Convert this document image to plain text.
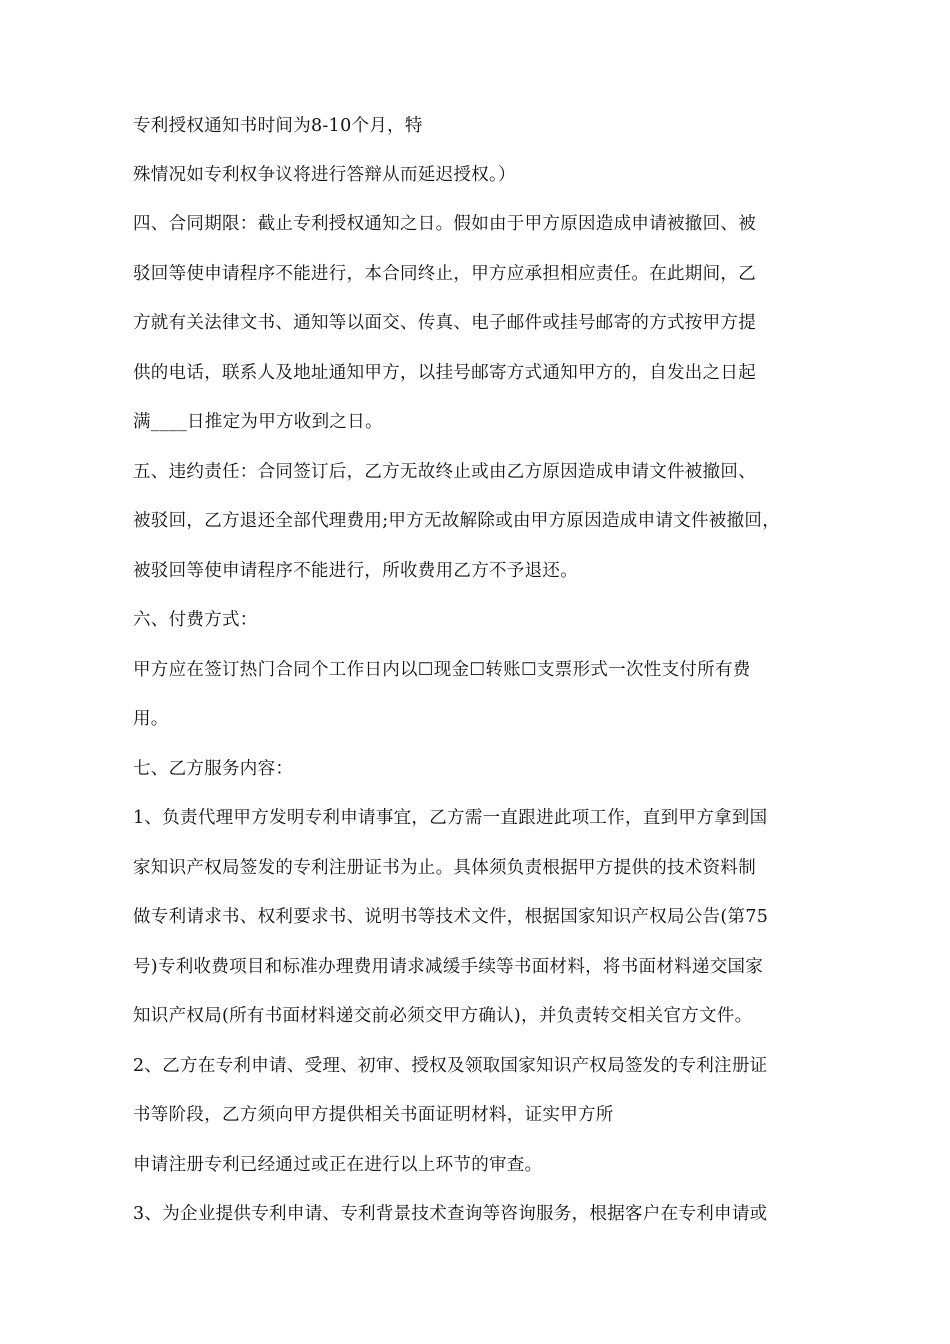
专利授权通知书时间为8-10个月，特
殊情况如专利权争议将进行答辩从而延迟授权。）
四、合同期限：截止专利授权通知之日。假如由于甲方原因造成申请被撤回、被
驳回等使申请程序不能进行，本合同终止，甲方应承担相应责任。在此期间，乙
方就有关法律文书、通知等以面交、传真、电子邮件或挂号邮寄的方式按甲方提
供的电话，联系人及地址通知甲方，以挂号邮寄方式通知甲方的，自发出之日起
满____日推定为甲方收到之日。
五、违约责任：合同签订后，乙方无故终止或由乙方原因造成申请文件被撤回、
被驳回，乙方退还全部代理费用;甲方无故解除或由甲方原因造成申请文件被撤回，
被驳回等使申请程序不能进行，所收费用乙方不予退还。
六、付费方式：
甲方应在签订热门合同个工作日内以☐现金☐转账☐支票形式一次性支付所有费
用。
七、乙方服务内容：
1、负责代理甲方发明专利申请事宜，乙方需一直跟进此项工作，直到甲方拿到国
家知识产权局签发的专利注册证书为止。具体须负责根据甲方提供的技术资料制
做专利请求书、权利要求书、说明书等技术文件，根据国家知识产权局公告(第75
号)专利收费项目和标准办理费用请求减缓手续等书面材料，将书面材料递交国家
知识产权局(所有书面材料递交前必须交甲方确认)，并负责转交相关官方文件。
2、乙方在专利申请、受理、初审、授权及领取国家知识产权局签发的专利注册证
书等阶段，乙方须向甲方提供相关书面证明材料，证实甲方所
申请注册专利已经通过或正在进行以上环节的审查。
3、为企业提供专利申请、专利背景技术查询等咨询服务，根据客户在专利申请或
